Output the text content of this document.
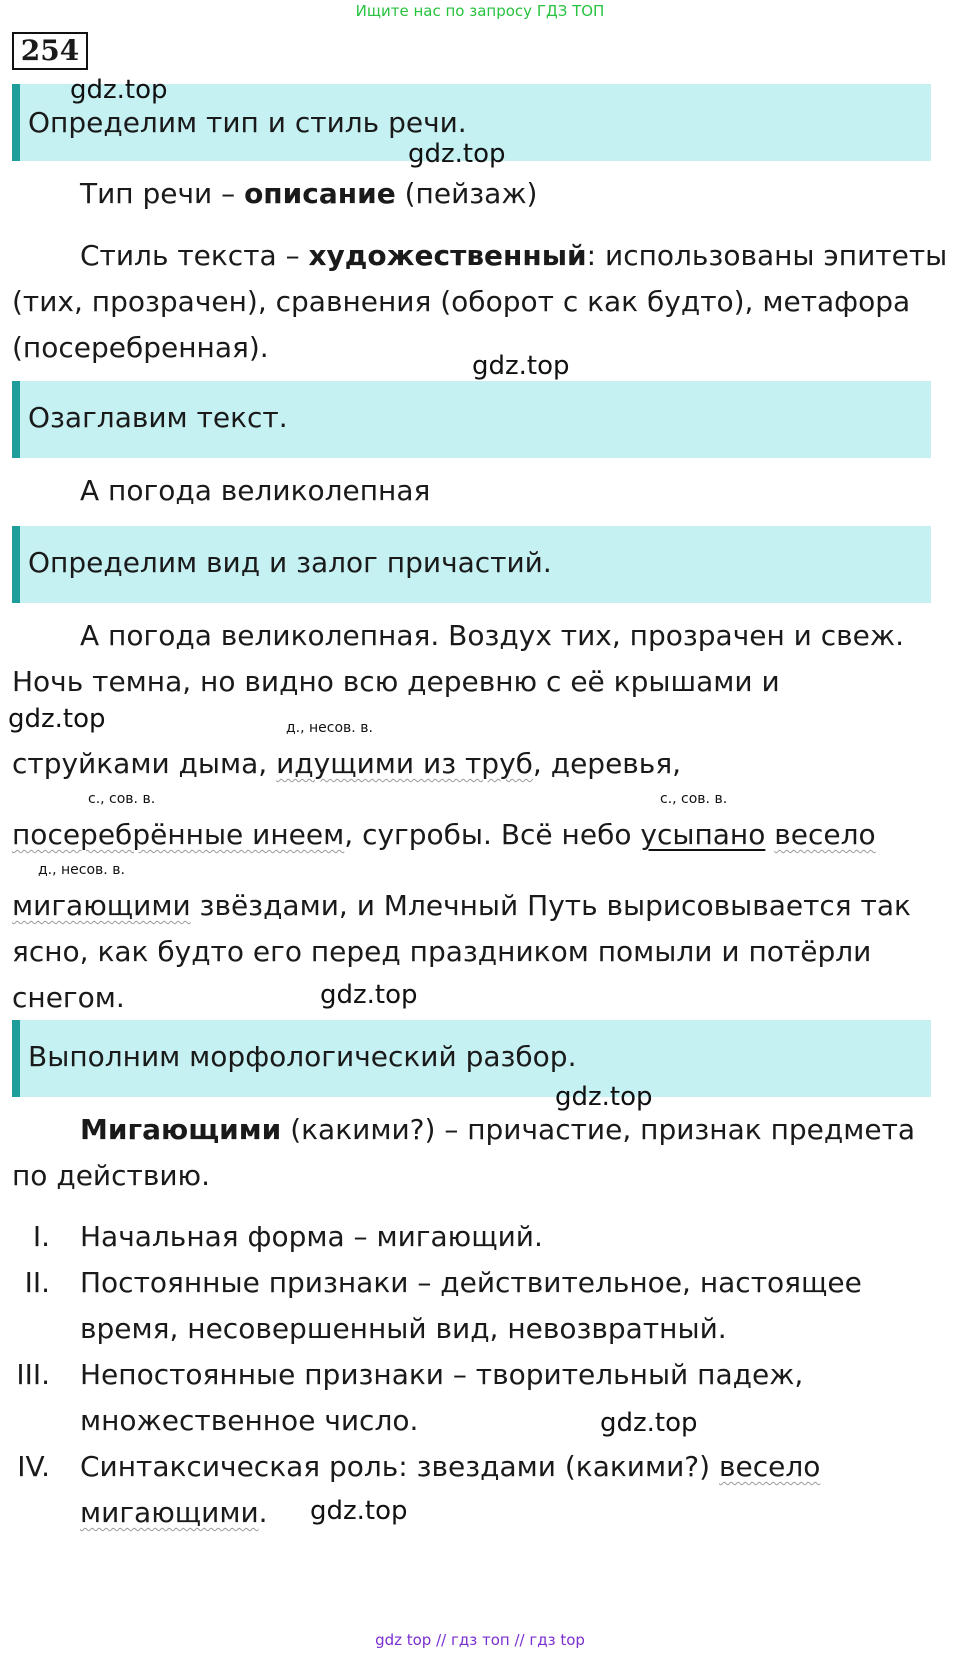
Ищите нас по запросу ГДЗ ТОП
254
Определим тип и стиль речи.
gdz.top
gdz.top
Тип речи – описание (пейзаж)
Стиль текста – художественный: использованы эпитеты
(тих, прозрачен), сравнения (оборот с как будто), метафора
(посеребренная).
gdz.top
Озаглавим текст.
А погода великолепная
Определим вид и залог причастий.
А погода великолепная. Воздух тих, прозрачен и свеж.
Ночь темна, но видно всю деревню с её крышами и
gdz.top	д., несов. в.
струйками дыма, идущими из труб, деревья,
с., сов. в.	с., сов. в.
посеребрённые инеем, сугробы. Всё небо усыпано весело
д., несов. в.
мигающими звёздами, и Млечный Путь вырисовывается так
ясно, как будто его перед праздником помыли и потёрли
снегом.	gdz.top
Выполним морфологический разбор.
gdz.top
Мигающими (какими?) – причастие, признак предмета
по действию.
I. Начальная форма – мигающий.
II. Постоянные признаки – действительное, настоящее
время, несовершенный вид, невозвратный.
III. Непостоянные признаки – творительный падеж,
множественное число.	gdz.top
IV. Синтаксическая роль: звездами (какими?) весело
мигающими. gdz.top
gdz top // гдз топ // гдз top
